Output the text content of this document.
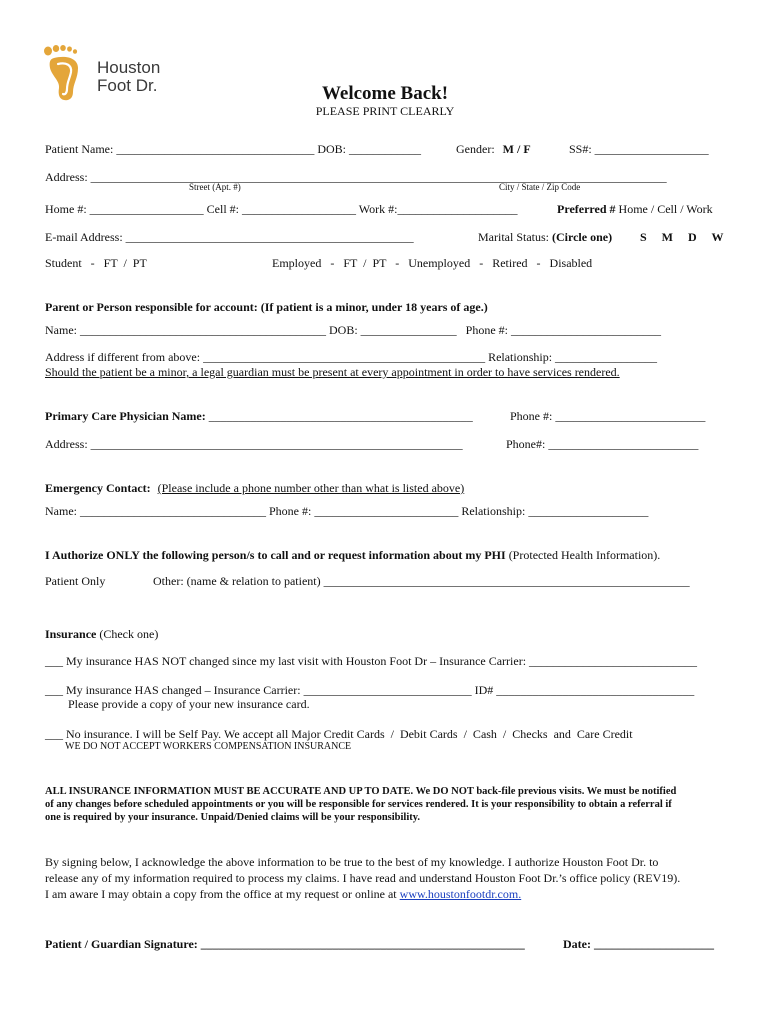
Houston
Foot Dr.	Welcome Back!
PLEASE PRINT CLEARLY
Patient Name: _________________________________ DOB: ____________	Gender: M / F	SS#: ___________________
Address: ________________________________________________________________________________________________
Street (Apt. #)	City / State / Zip Code
Home #: ___________________ Cell #: ___________________ Work #:____________________	Preferred # Home / Cell / Work
E-mail Address: ________________________________________________	Marital Status: (Circle one) S     M     D     W
Student   -   FT  /  PT	Employed   -   FT  /  PT   -   Unemployed   -   Retired   -   Disabled
Parent or Person responsible for account: (If patient is a minor, under 18 years of age.)
Name: _________________________________________ DOB: ________________   Phone #: _________________________
Address if different from above: _______________________________________________ Relationship: _________________
Should the patient be a minor, a legal guardian must be present at every appointment in order to have services rendered.
Primary Care Physician Name: ____________________________________________	Phone #: _________________________
Address: ______________________________________________________________	Phone#: _________________________
Emergency Contact: (Please include a phone number other than what is listed above)
Name: _______________________________ Phone #: ________________________ Relationship: ____________________
I Authorize ONLY the following person/s to call and or request information about my PHI (Protected Health Information).
Patient Only	Other: (name & relation to patient) _____________________________________________________________
Insurance (Check one)
___ My insurance HAS NOT changed since my last visit with Houston Foot Dr – Insurance Carrier: ____________________________
___ My insurance HAS changed – Insurance Carrier: ____________________________ ID# _________________________________
Please provide a copy of your new insurance card.
___ No insurance. I will be Self Pay. We accept all Major Credit Cards  /  Debit Cards  /  Cash  /  Checks  and  Care Credit
WE DO NOT ACCEPT WORKERS COMPENSATION INSURANCE
ALL INSURANCE INFORMATION MUST BE ACCURATE AND UP TO DATE. We DO NOT back-file previous visits. We must be notified
of any changes before scheduled appointments or you will be responsible for services rendered. It is your responsibility to obtain a referral if
one is required by your insurance. Unpaid/Denied claims will be your responsibility.
By signing below, I acknowledge the above information to be true to the best of my knowledge. I authorize Houston Foot Dr. to
release any of my information required to process my claims. I have read and understand Houston Foot Dr.’s office policy (REV19).
I am aware I may obtain a copy from the office at my request or online at www.houstonfootdr.com.
Patient / Guardian Signature: ______________________________________________________	Date: ____________________
